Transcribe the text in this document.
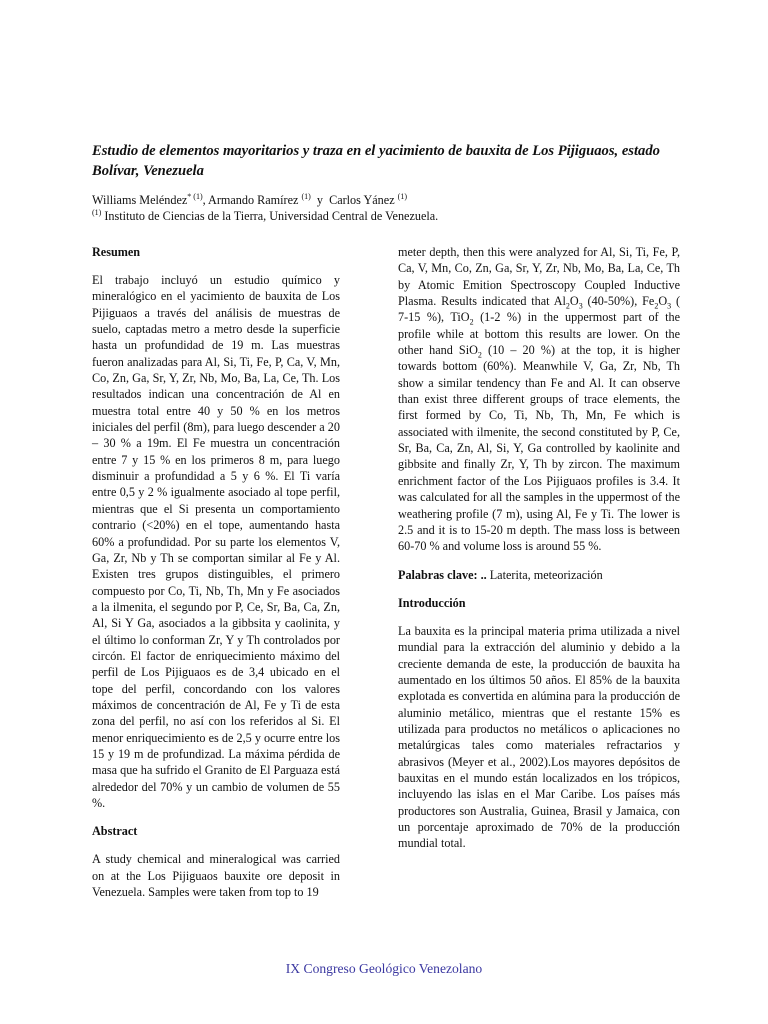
Estudio de elementos mayoritarios y traza en el yacimiento de bauxita de Los Pijiguaos, estado Bolívar, Venezuela
Williams Meléndez$^{* (1)}$, Armando Ramírez $^{(1)}$  y  Carlos Yánez $^{(1)}$
$^{(1)}$ Instituto de Ciencias de la Tierra, Universidad Central de Venezuela.
Resumen

El trabajo incluyó un estudio químico y mineralógico en el yacimiento de bauxita de Los Pijiguaos a través del análisis de muestras de suelo, captadas metro a metro desde la superficie hasta un profundidad de 19 m. Las muestras fueron analizadas para Al, Si, Ti, Fe, P, Ca, V, Mn, Co, Zn, Ga, Sr, Y, Zr, Nb, Mo, Ba, La, Ce, Th. Los resultados indican una concentración de Al en muestra total entre 40 y 50 % en los metros iniciales del perfil (8m), para luego descender a 20 – 30 % a 19m. El Fe muestra un concentración entre 7 y 15 % en los primeros 8 m, para luego disminuir a profundidad a 5 y 6 %. El Ti varía entre 0,5 y 2 % igualmente asociado al tope perfil, mientras que el Si presenta un comportamiento contrario (<20%) en el tope, aumentando hasta 60% a profundidad. Por su parte los elementos V, Ga, Zr, Nb y Th se comportan similar al Fe y Al. Existen tres grupos distinguibles, el primero compuesto por Co, Ti, Nb, Th, Mn y Fe asociados a la ilmenita, el segundo por P, Ce, Sr, Ba, Ca, Zn, Al, Si Y Ga, asociados a la gibbsita y caolinita, y el último lo conforman Zr, Y y Th controlados por circón. El factor de enriquecimiento máximo del perfil de Los Pijiguaos es de 3,4 ubicado en el tope del perfil, concordando con los valores máximos de concentración de Al, Fe y Ti de esta zona del perfil, no así con los referidos al Si. El menor enriquecimiento es de 2,5 y ocurre entre los 15 y 19 m de profundizad. La máxima pérdida de masa que ha sufrido el Granito de El Parguaza está alrededor del 70% y un cambio de volumen de 55 %.

Abstract

A study chemical and mineralogical was carried on at the Los Pijiguaos bauxite ore deposit in Venezuela. Samples were taken from top to 19

meter depth, then this were analyzed for Al, Si, Ti, Fe, P, Ca, V, Mn, Co, Zn, Ga, Sr, Y, Zr, Nb, Mo, Ba, La, Ce, Th by Atomic Emition Spectroscopy Coupled Inductive Plasma. Results indicated that $Al_2O_3$ (40-50%), $Fe_2O_3$ ( 7-15 %), TiO$_2$ (1-2 %) in the uppermost part of the profile while at bottom this results are lower. On the other hand SiO$_2$ (10 – 20 %) at the top, it is higher towards bottom (60%). Meanwhile V, Ga, Zr, Nb, Th show a similar tendency than Fe and Al. It can observe than exist three different groups of trace elements, the first formed by Co, Ti, Nb, Th, Mn, Fe which is associated with ilmenite, the second constituted by P, Ce, Sr, Ba, Ca, Zn, Al, Si, Y, Ga controlled by kaolinite and gibbsite and finally Zr, Y, Th by zircon. The maximum enrichment factor of the Los Pijiguaos profiles is 3.4. It was calculated for all the samples in the uppermost of the weathering profile (7 m), using Al, Fe y Ti. The lower is 2.5 and it is to 15-20 m depth. The mass loss is between 60-70 % and volume loss is around 55 %.

Palabras clave: .. Laterita, meteorización

Introducción

La bauxita es la principal materia prima utilizada a nivel mundial para la extracción del aluminio y debido a la creciente demanda de este, la producción de bauxita ha aumentado en los últimos 50 años. El 85% de la bauxita explotada es convertida en alúmina para la producción de aluminio metálico, mientras que el restante 15% es utilizada para productos no metálicos o aplicaciones no metalúrgicas tales como materiales refractarios y abrasivos (Meyer et al., 2002).Los mayores depósitos de bauxitas en el mundo están localizados en los trópicos, incluyendo las islas en el Mar Caribe. Los países más productores son Australia, Guinea, Brasil y Jamaica, con un porcentaje aproximado de 70% de la producción mundial total.

IX Congreso Geológico Venezolano
